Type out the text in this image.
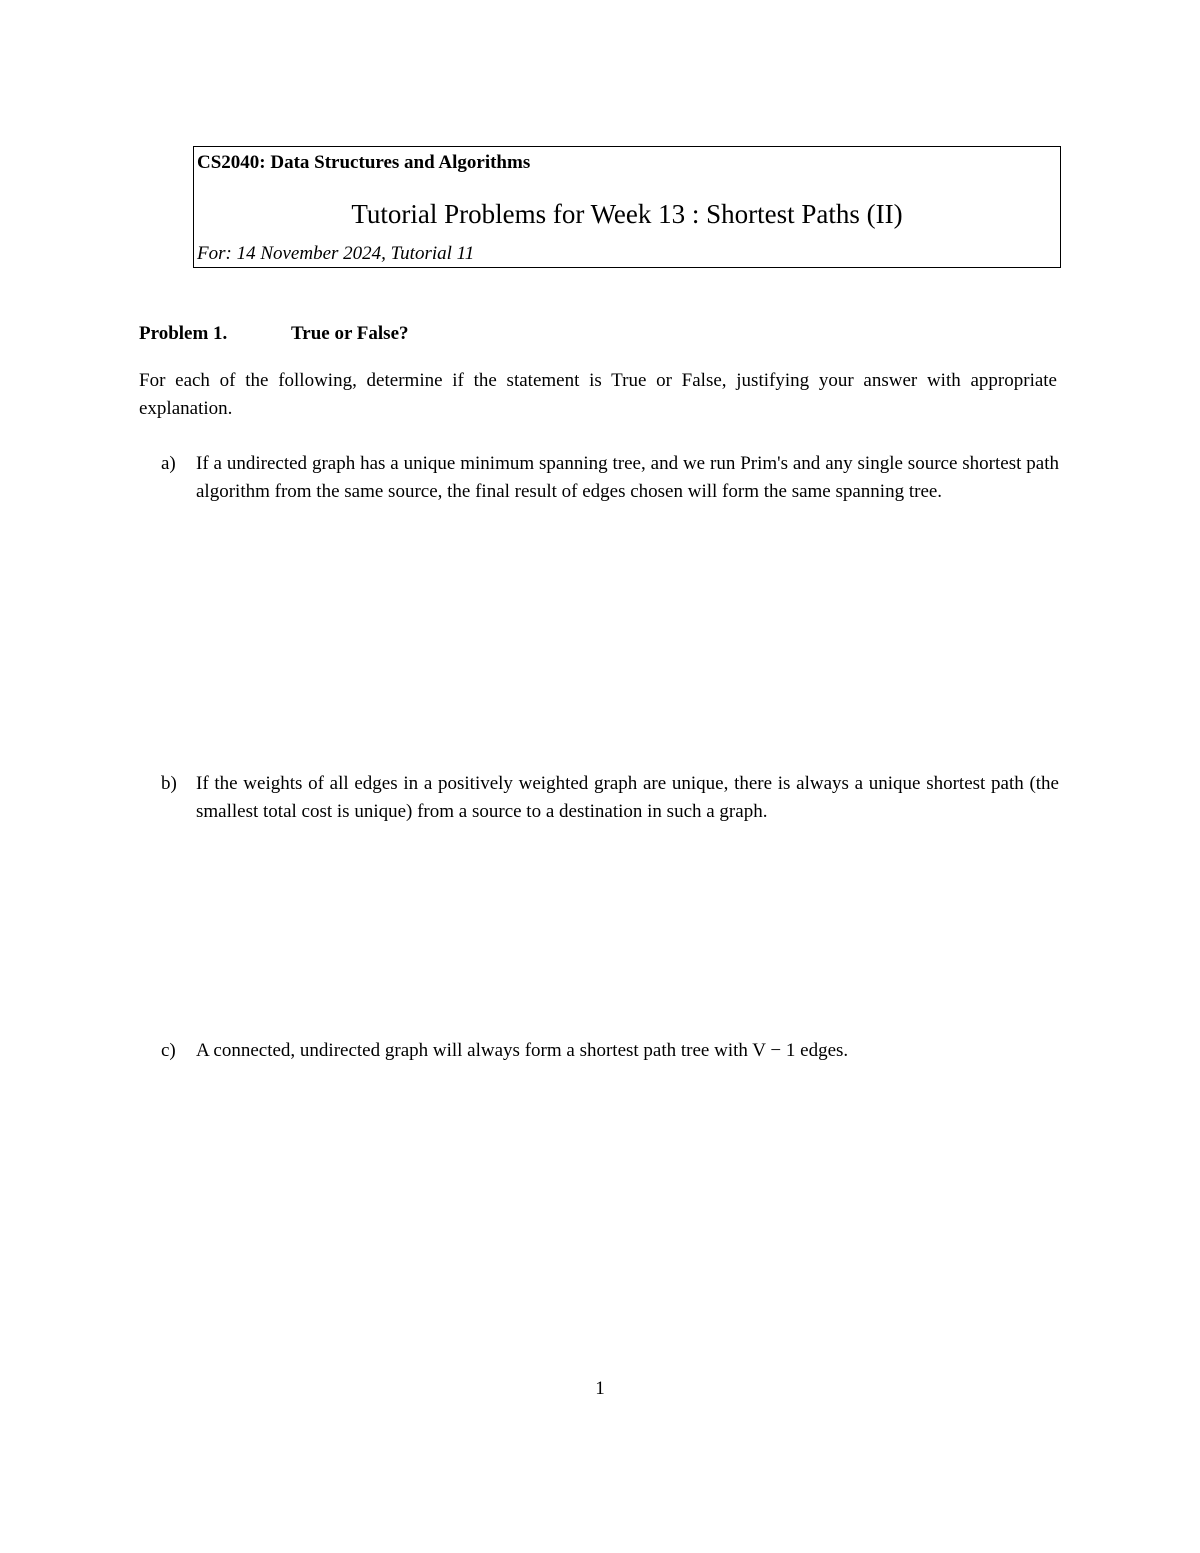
CS2040: Data Structures and Algorithms
Tutorial Problems for Week 13 : Shortest Paths (II)
For: 14 November 2024, Tutorial 11
Problem 1.	True or False?
For each of the following, determine if the statement is True or False, justifying your answer with appropriate explanation.
a) If a undirected graph has a unique minimum spanning tree, and we run Prim's and any single source shortest path algorithm from the same source, the final result of edges chosen will form the same spanning tree.
b) If the weights of all edges in a positively weighted graph are unique, there is always a unique shortest path (the smallest total cost is unique) from a source to a destination in such a graph.
c) A connected, undirected graph will always form a shortest path tree with V − 1 edges.
1
